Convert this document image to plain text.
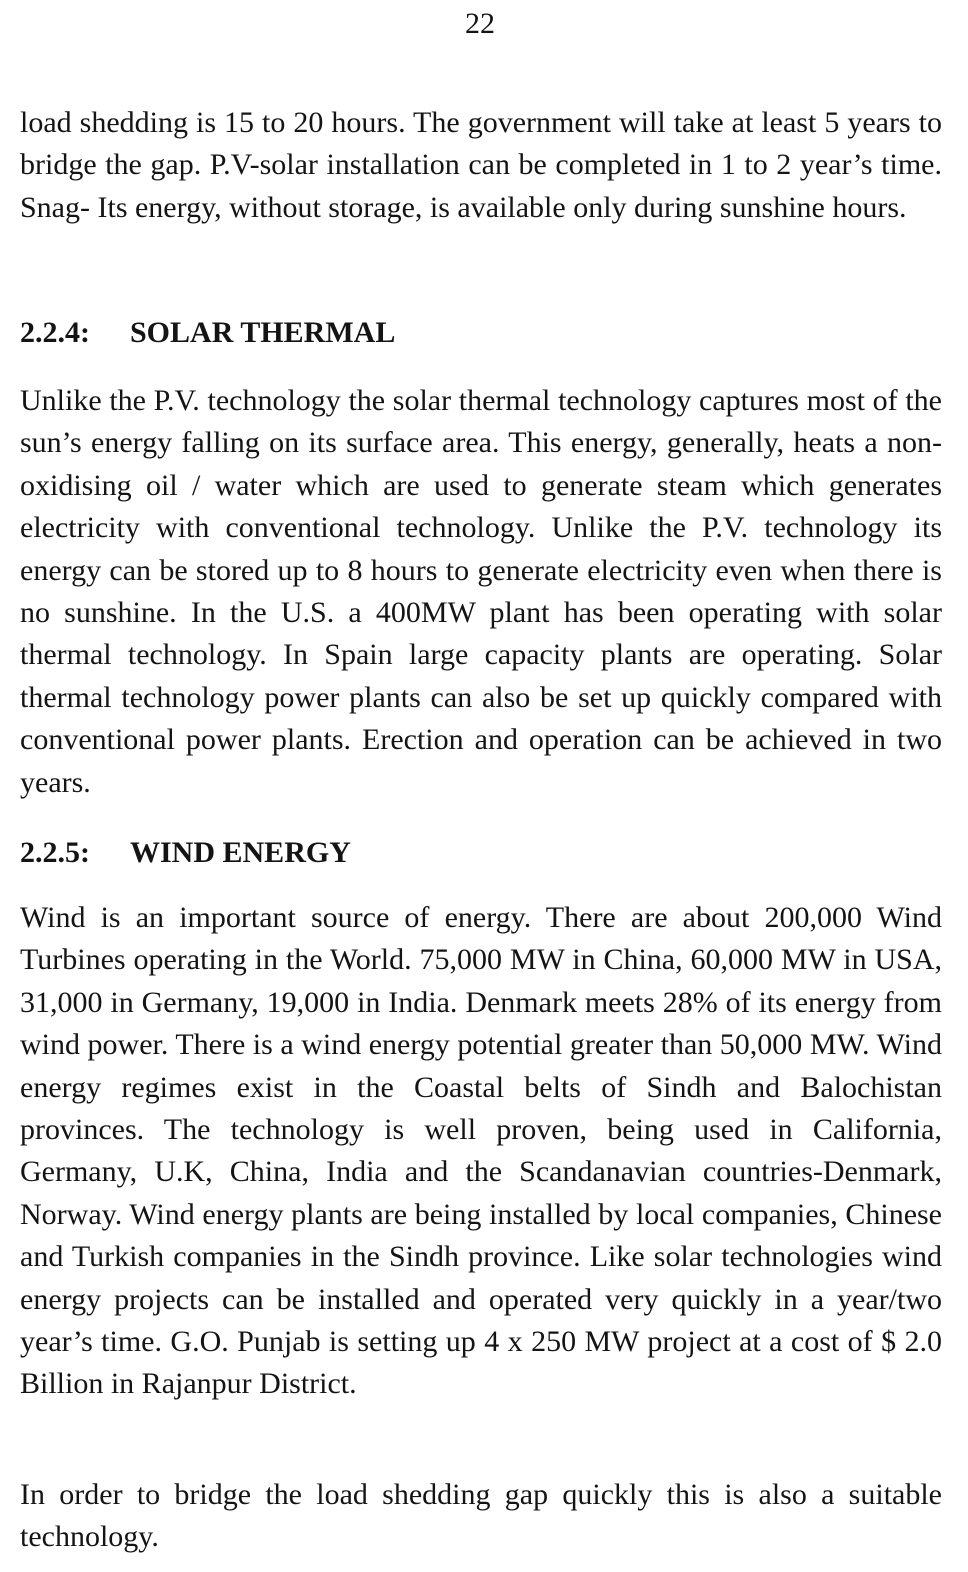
22

load shedding is 15 to 20 hours. The government will take at least 5 years to bridge the gap. P.V-solar installation can be completed in 1 to 2 year’s time. Snag- Its energy, without storage, is available only during sunshine hours.

2.2.4: SOLAR THERMAL

Unlike the P.V. technology the solar thermal technology captures most of the sun’s energy falling on its surface area. This energy, generally, heats a non-oxidising oil / water which are used to generate steam which generates electricity with conventional technology. Unlike the P.V. technology its energy can be stored up to 8 hours to generate electricity even when there is no sunshine. In the U.S. a 400MW plant has been operating with solar thermal technology. In Spain large capacity plants are operating. Solar thermal technology power plants can also be set up quickly compared with conventional power plants. Erection and operation can be achieved in two years.

2.2.5: WIND ENERGY

Wind is an important source of energy. There are about 200,000 Wind Turbines operating in the World. 75,000 MW in China, 60,000 MW in USA, 31,000 in Germany, 19,000 in India. Denmark meets 28% of its energy from wind power. There is a wind energy potential greater than 50,000 MW. Wind energy regimes exist in the Coastal belts of Sindh and Balochistan provinces. The technology is well proven, being used in California, Germany, U.K, China, India and the Scandanavian countries-Denmark, Norway. Wind energy plants are being installed by local companies, Chinese and Turkish companies in the Sindh province. Like solar technologies wind energy projects can be installed and operated very quickly in a year/two year’s time. G.O. Punjab is setting up 4 x 250 MW project at a cost of $ 2.0 Billion in Rajanpur District.

In order to bridge the load shedding gap quickly this is also a suitable technology.
